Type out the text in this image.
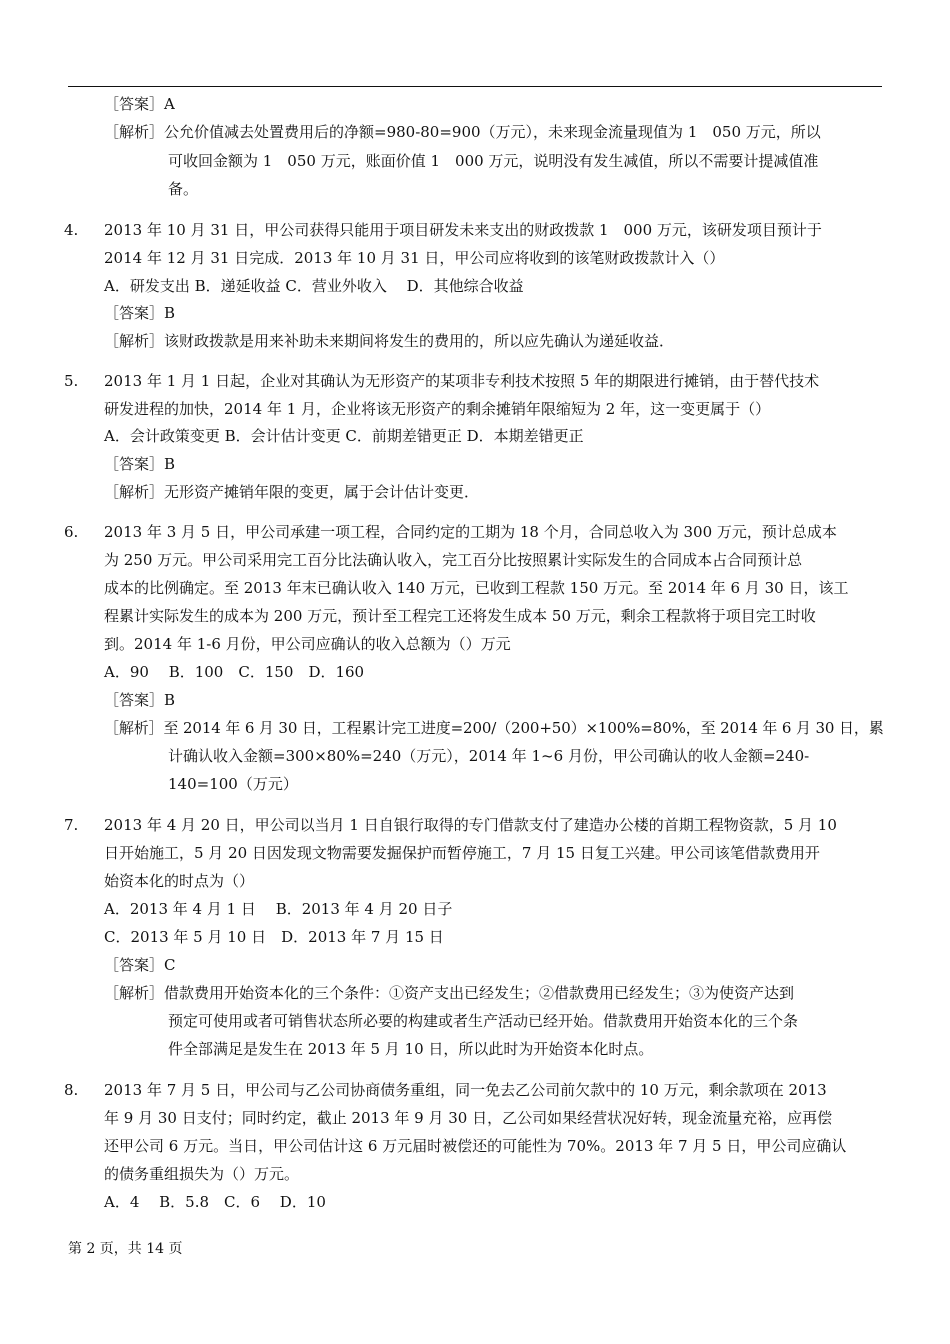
［答案］A
［解析］公允价值减去处置费用后的净额=980-80=900（万元），未来现金流量现值为 1　050 万元，所以
可收回金额为 1　050 万元，账面价值 1　000 万元，说明没有发生减值，所以不需要计提减值准
备。
4. 2013 年 10 月 31 日，甲公司获得只能用于项目研发未来支出的财政拨款 1　000 万元，该研发项目预计于
2014 年 12 月 31 日完成．2013 年 10 月 31 日，甲公司应将收到的该笔财政拨款计入（）
A．研发支出 B．递延收益 C．营业外收入　 D．其他综合收益
［答案］B
［解析］该财政拨款是用来补助未来期间将发生的费用的，所以应先确认为递延收益．
5. 2013 年 1 月 1 日起，企业对其确认为无形资产的某项非专利技术按照 5 年的期限进行摊销，由于替代技术
研发进程的加快，2014 年 1 月，企业将该无形资产的剩余摊销年限缩短为 2 年，这一变更属于（）
A．会计政策变更 B．会计估计变更 C．前期差错更正 D．本期差错更正
［答案］B
［解析］无形资产摊销年限的变更，属于会计估计变更．
6. 2013 年 3 月 5 日，甲公司承建一项工程，合同约定的工期为 18 个月，合同总收入为 300 万元，预计总成本
为 250 万元。甲公司采用完工百分比法确认收入，完工百分比按照累计实际发生的合同成本占合同预计总
成本的比例确定。至 2013 年末已确认收入 140 万元，已收到工程款 150 万元。至 2014 年 6 月 30 日，该工
程累计实际发生的成本为 200 万元，预计至工程完工还将发生成本 50 万元，剩余工程款将于项目完工时收
到。2014 年 1-6 月份，甲公司应确认的收入总额为（）万元
A．90　 B．100　C．150　D．160
［答案］B
［解析］至 2014 年 6 月 30 日，工程累计完工进度=200/（200+50）×100%=80%，至 2014 年 6 月 30 日，累
计确认收入金额=300×80%=240（万元），2014 年 1~6 月份，甲公司确认的收人金额=240-
140=100（万元）
7. 2013 年 4 月 20 日，甲公司以当月 1 日自银行取得的专门借款支付了建造办公楼的首期工程物资款，5 月 10
日开始施工，5 月 20 日因发现文物需要发掘保护而暂停施工，7 月 15 日复工兴建。甲公司该笔借款费用开
始资本化的时点为（）
A．2013 年 4 月 1 日　 B．2013 年 4 月 20 日子
C．2013 年 5 月 10 日　D．2013 年 7 月 15 日
［答案］C
［解析］借款费用开始资本化的三个条件：①资产支出已经发生；②借款费用已经发生；③为使资产达到
预定可使用或者可销售状态所必要的构建或者生产活动已经开始。借款费用开始资本化的三个条
件全部满足是发生在 2013 年 5 月 10 日，所以此时为开始资本化时点。
8. 2013 年 7 月 5 日，甲公司与乙公司协商债务重组，同一免去乙公司前欠款中的 10 万元，剩余款项在 2013
年 9 月 30 日支付；同时约定，截止 2013 年 9 月 30 日，乙公司如果经营状况好转，现金流量充裕，应再偿
还甲公司 6 万元。当日，甲公司估计这 6 万元届时被偿还的可能性为 70%。2013 年 7 月 5 日，甲公司应确认
的债务重组损失为（）万元。
A．4　 B．5.8　C．6　 D．10
第 2 页，共 14 页
